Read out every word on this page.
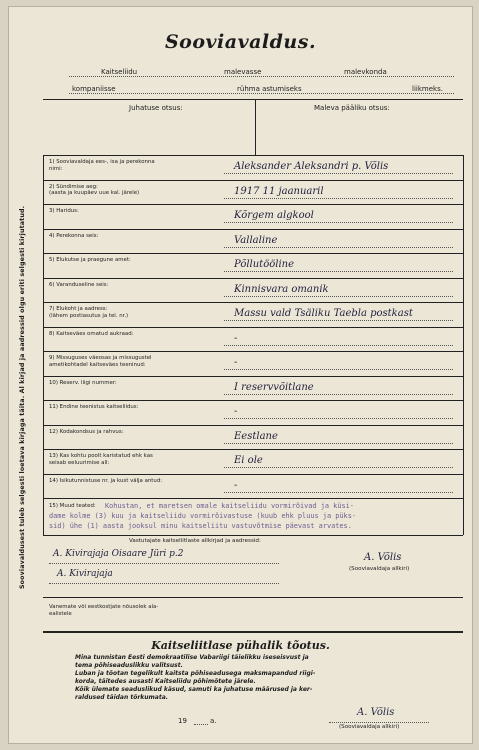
Sooviavaldusest tuleb selgesti loetava kirjaga täita. Al kirjad ja aadressid olgu eriti selgesti kirjutatud.
Sooviavaldus.
Kaitseliidu	malevasse	malevkonda
kompaniisse	rühma astumiseks	liikmeks.
Juhatuse otsus:	Maleva pääliku otsus:
1) Sooviavaldaja ees-, isa ja perekonna
nimi:	Aleksander Aleksandri p. Võlis
2) Sündimise aeg:
(aasta ja kuupäev uue kal. järele)	1917 11 jaanuaril
3) Haridus:	Kõrgem algkool
4) Perekonna seis:	Vallaline
5) Elukutse ja praegune amet:	Põllutööline
6) Varanduseline seis:	Kinnisvara omanik
7) Elukoht ja aadress:
(lähem postiasutus ja tel. nr.)	Massu vald Tsäliku Taebla postkast
8) Kaitseväes omatud aukraad:	-
9) Missuguses väeosas ja missugustel
ametikohtadel kaitseväes teeninud:	-
10) Reserv. liigi nummer:	I reservvõitlane
11) Endine teenistus kaitseliidus:	-
12) Kodakondsus ja rahvus:	Eestlane
13) Kas kohtu poolt karistatud ehk kas
seisab eeluurimise all:	Ei ole
14) Isikutunnistuse nr. ja kust välja antud:	-
15) Muud teated: Kohustan, et maretsen omale kaitseliidu vormirõivad ja küsi-
dame kolme (3) kuu ja kaitseliidu vormirõivastuse (kuub ehk pluus ja püks-
sid) ühe (1) aasta jooksul minu kaitseliitu vastuvõtmise päevast arvates.
Vastutajate kaitseliitlaste allkirjad ja aadressid:
A. Kivirajaja Oisaare Jüri p.2
A. Kivirajaja
A. Võlis
(Sooviavaldaja allkiri)
Vanemate või eestkostjate nõusolek ala-
ealistele
Kaitseliitlase pühalik tõotus.
Mina tunnistan Eesti demokraatilise Vabariigi täielikku iseseisvust ja
tema põhiseaduslikku valitsust.
Luban ja tõotan tegelikult kaitsta põhiseadusega maksmapandud riigi-
korda, täitedes ausasti Kaitseliidu põhimõtete järele.
Kõik ülemate seaduslikud käsud, samuti ka juhatuse määrused ja ker-
raldused täidan tõrkumata.
19	a.
A. Võlis
(Sooviavaldaja allkiri)
